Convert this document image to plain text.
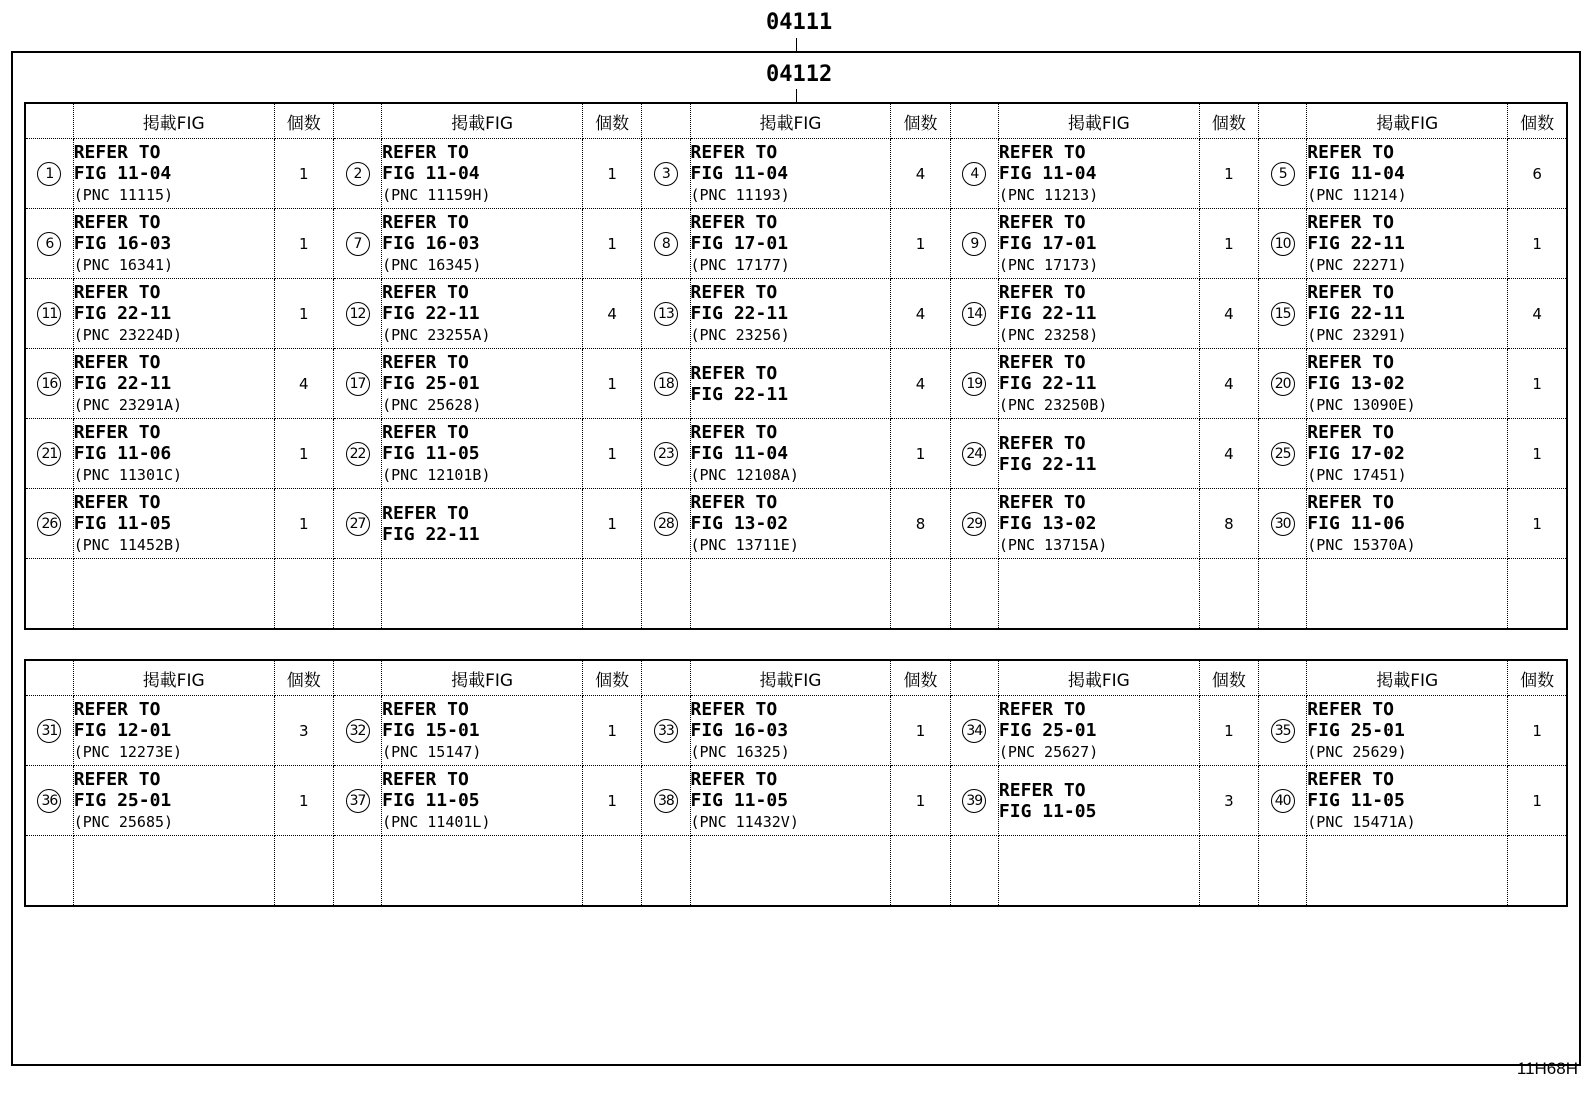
04111
04112
	掲載FIG	個数		掲載FIG	個数		掲載FIG	個数		掲載FIG	個数		掲載FIG	個数
1	REFER TO
FIG 11-04
(PNC 11115)	1	2	REFER TO
FIG 11-04
(PNC 11159H)	1	3	REFER TO
FIG 11-04
(PNC 11193)	4	4	REFER TO
FIG 11-04
(PNC 11213)	1	5	REFER TO
FIG 11-04
(PNC 11214)	6
6	REFER TO
FIG 16-03
(PNC 16341)	1	7	REFER TO
FIG 16-03
(PNC 16345)	1	8	REFER TO
FIG 17-01
(PNC 17177)	1	9	REFER TO
FIG 17-01
(PNC 17173)	1	10	REFER TO
FIG 22-11
(PNC 22271)	1
11	REFER TO
FIG 22-11
(PNC 23224D)	1	12	REFER TO
FIG 22-11
(PNC 23255A)	4	13	REFER TO
FIG 22-11
(PNC 23256)	4	14	REFER TO
FIG 22-11
(PNC 23258)	4	15	REFER TO
FIG 22-11
(PNC 23291)	4
16	REFER TO
FIG 22-11
(PNC 23291A)	4	17	REFER TO
FIG 25-01
(PNC 25628)	1	18	REFER TO
FIG 22-11	4	19	REFER TO
FIG 22-11
(PNC 23250B)	4	20	REFER TO
FIG 13-02
(PNC 13090E)	1
21	REFER TO
FIG 11-06
(PNC 11301C)	1	22	REFER TO
FIG 11-05
(PNC 12101B)	1	23	REFER TO
FIG 11-04
(PNC 12108A)	1	24	REFER TO
FIG 22-11	4	25	REFER TO
FIG 17-02
(PNC 17451)	1
26	REFER TO
FIG 11-05
(PNC 11452B)	1	27	REFER TO
FIG 22-11	1	28	REFER TO
FIG 13-02
(PNC 13711E)	8	29	REFER TO
FIG 13-02
(PNC 13715A)	8	30	REFER TO
FIG 11-06
(PNC 15370A)	1

	掲載FIG	個数		掲載FIG	個数		掲載FIG	個数		掲載FIG	個数		掲載FIG	個数
31	REFER TO
FIG 12-01
(PNC 12273E)	3	32	REFER TO
FIG 15-01
(PNC 15147)	1	33	REFER TO
FIG 16-03
(PNC 16325)	1	34	REFER TO
FIG 25-01
(PNC 25627)	1	35	REFER TO
FIG 25-01
(PNC 25629)	1
36	REFER TO
FIG 25-01
(PNC 25685)	1	37	REFER TO
FIG 11-05
(PNC 11401L)	1	38	REFER TO
FIG 11-05
(PNC 11432V)	1	39	REFER TO
FIG 11-05	3	40	REFER TO
FIG 11-05
(PNC 15471A)	1

11H68H
